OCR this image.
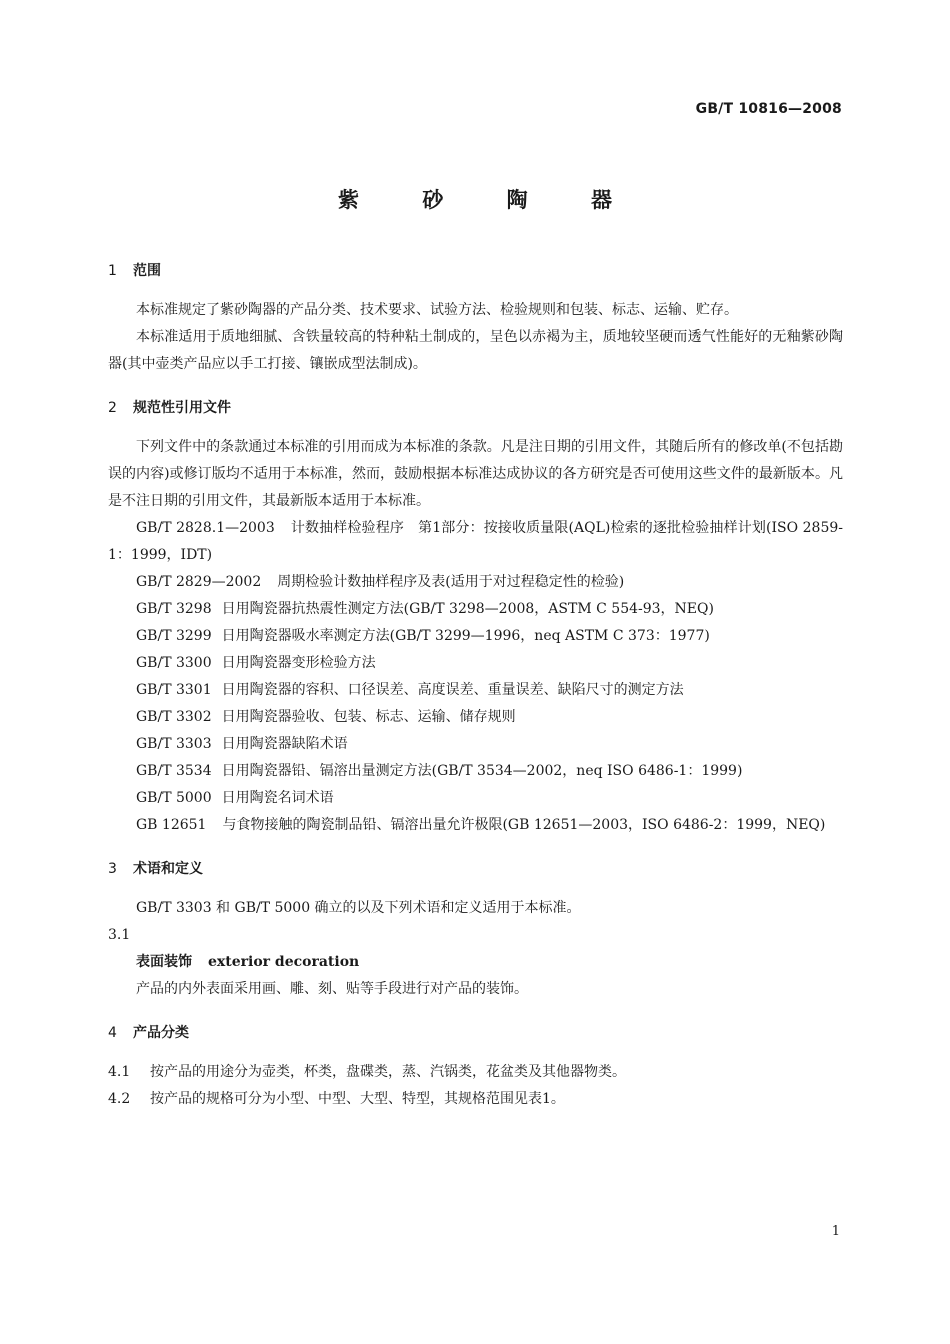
GB/T 10816—2008
紫 砂 陶 器
1 范围
本标准规定了紫砂陶器的产品分类、技术要求、试验方法、检验规则和包装、标志、运输、贮存。
本标准适用于质地细腻、含铁量较高的特种粘土制成的，呈色以赤褐为主，质地较坚硬而透气性能好的无釉紫砂陶器(其中壶类产品应以手工打接、镶嵌成型法制成)。
2 规范性引用文件
下列文件中的条款通过本标准的引用而成为本标准的条款。凡是注日期的引用文件，其随后所有的修改单(不包括勘误的内容)或修订版均不适用于本标准，然而，鼓励根据本标准达成协议的各方研究是否可使用这些文件的最新版本。凡是不注日期的引用文件，其最新版本适用于本标准。
GB/T 2828.1—2003 计数抽样检验程序　第1部分：按接收质量限(AQL)检索的逐批检验抽样计划(ISO 2859-1：1999，IDT)
GB/T 2829—2002 周期检验计数抽样程序及表(适用于对过程稳定性的检验)
GB/T 3298 日用陶瓷器抗热震性测定方法(GB/T 3298—2008，ASTM C 554-93，NEQ)
GB/T 3299 日用陶瓷器吸水率测定方法(GB/T 3299—1996，neq ASTM C 373：1977)
GB/T 3300 日用陶瓷器变形检验方法
GB/T 3301 日用陶瓷器的容积、口径误差、高度误差、重量误差、缺陷尺寸的测定方法
GB/T 3302 日用陶瓷器验收、包装、标志、运输、储存规则
GB/T 3303 日用陶瓷器缺陷术语
GB/T 3534 日用陶瓷器铅、镉溶出量测定方法(GB/T 3534—2002，neq ISO 6486-1：1999)
GB/T 5000 日用陶瓷名词术语
GB 12651 与食物接触的陶瓷制品铅、镉溶出量允许极限(GB 12651—2003，ISO 6486-2：1999，NEQ)
3 术语和定义
GB/T 3303 和 GB/T 5000 确立的以及下列术语和定义适用于本标准。
3.1
表面装饰 exterior decoration
产品的内外表面采用画、雕、刻、贴等手段进行对产品的装饰。
4 产品分类
4.1 按产品的用途分为壶类，杯类，盘碟类，蒸、汽锅类，花盆类及其他器物类。
4.2 按产品的规格可分为小型、中型、大型、特型，其规格范围见表1。
1
